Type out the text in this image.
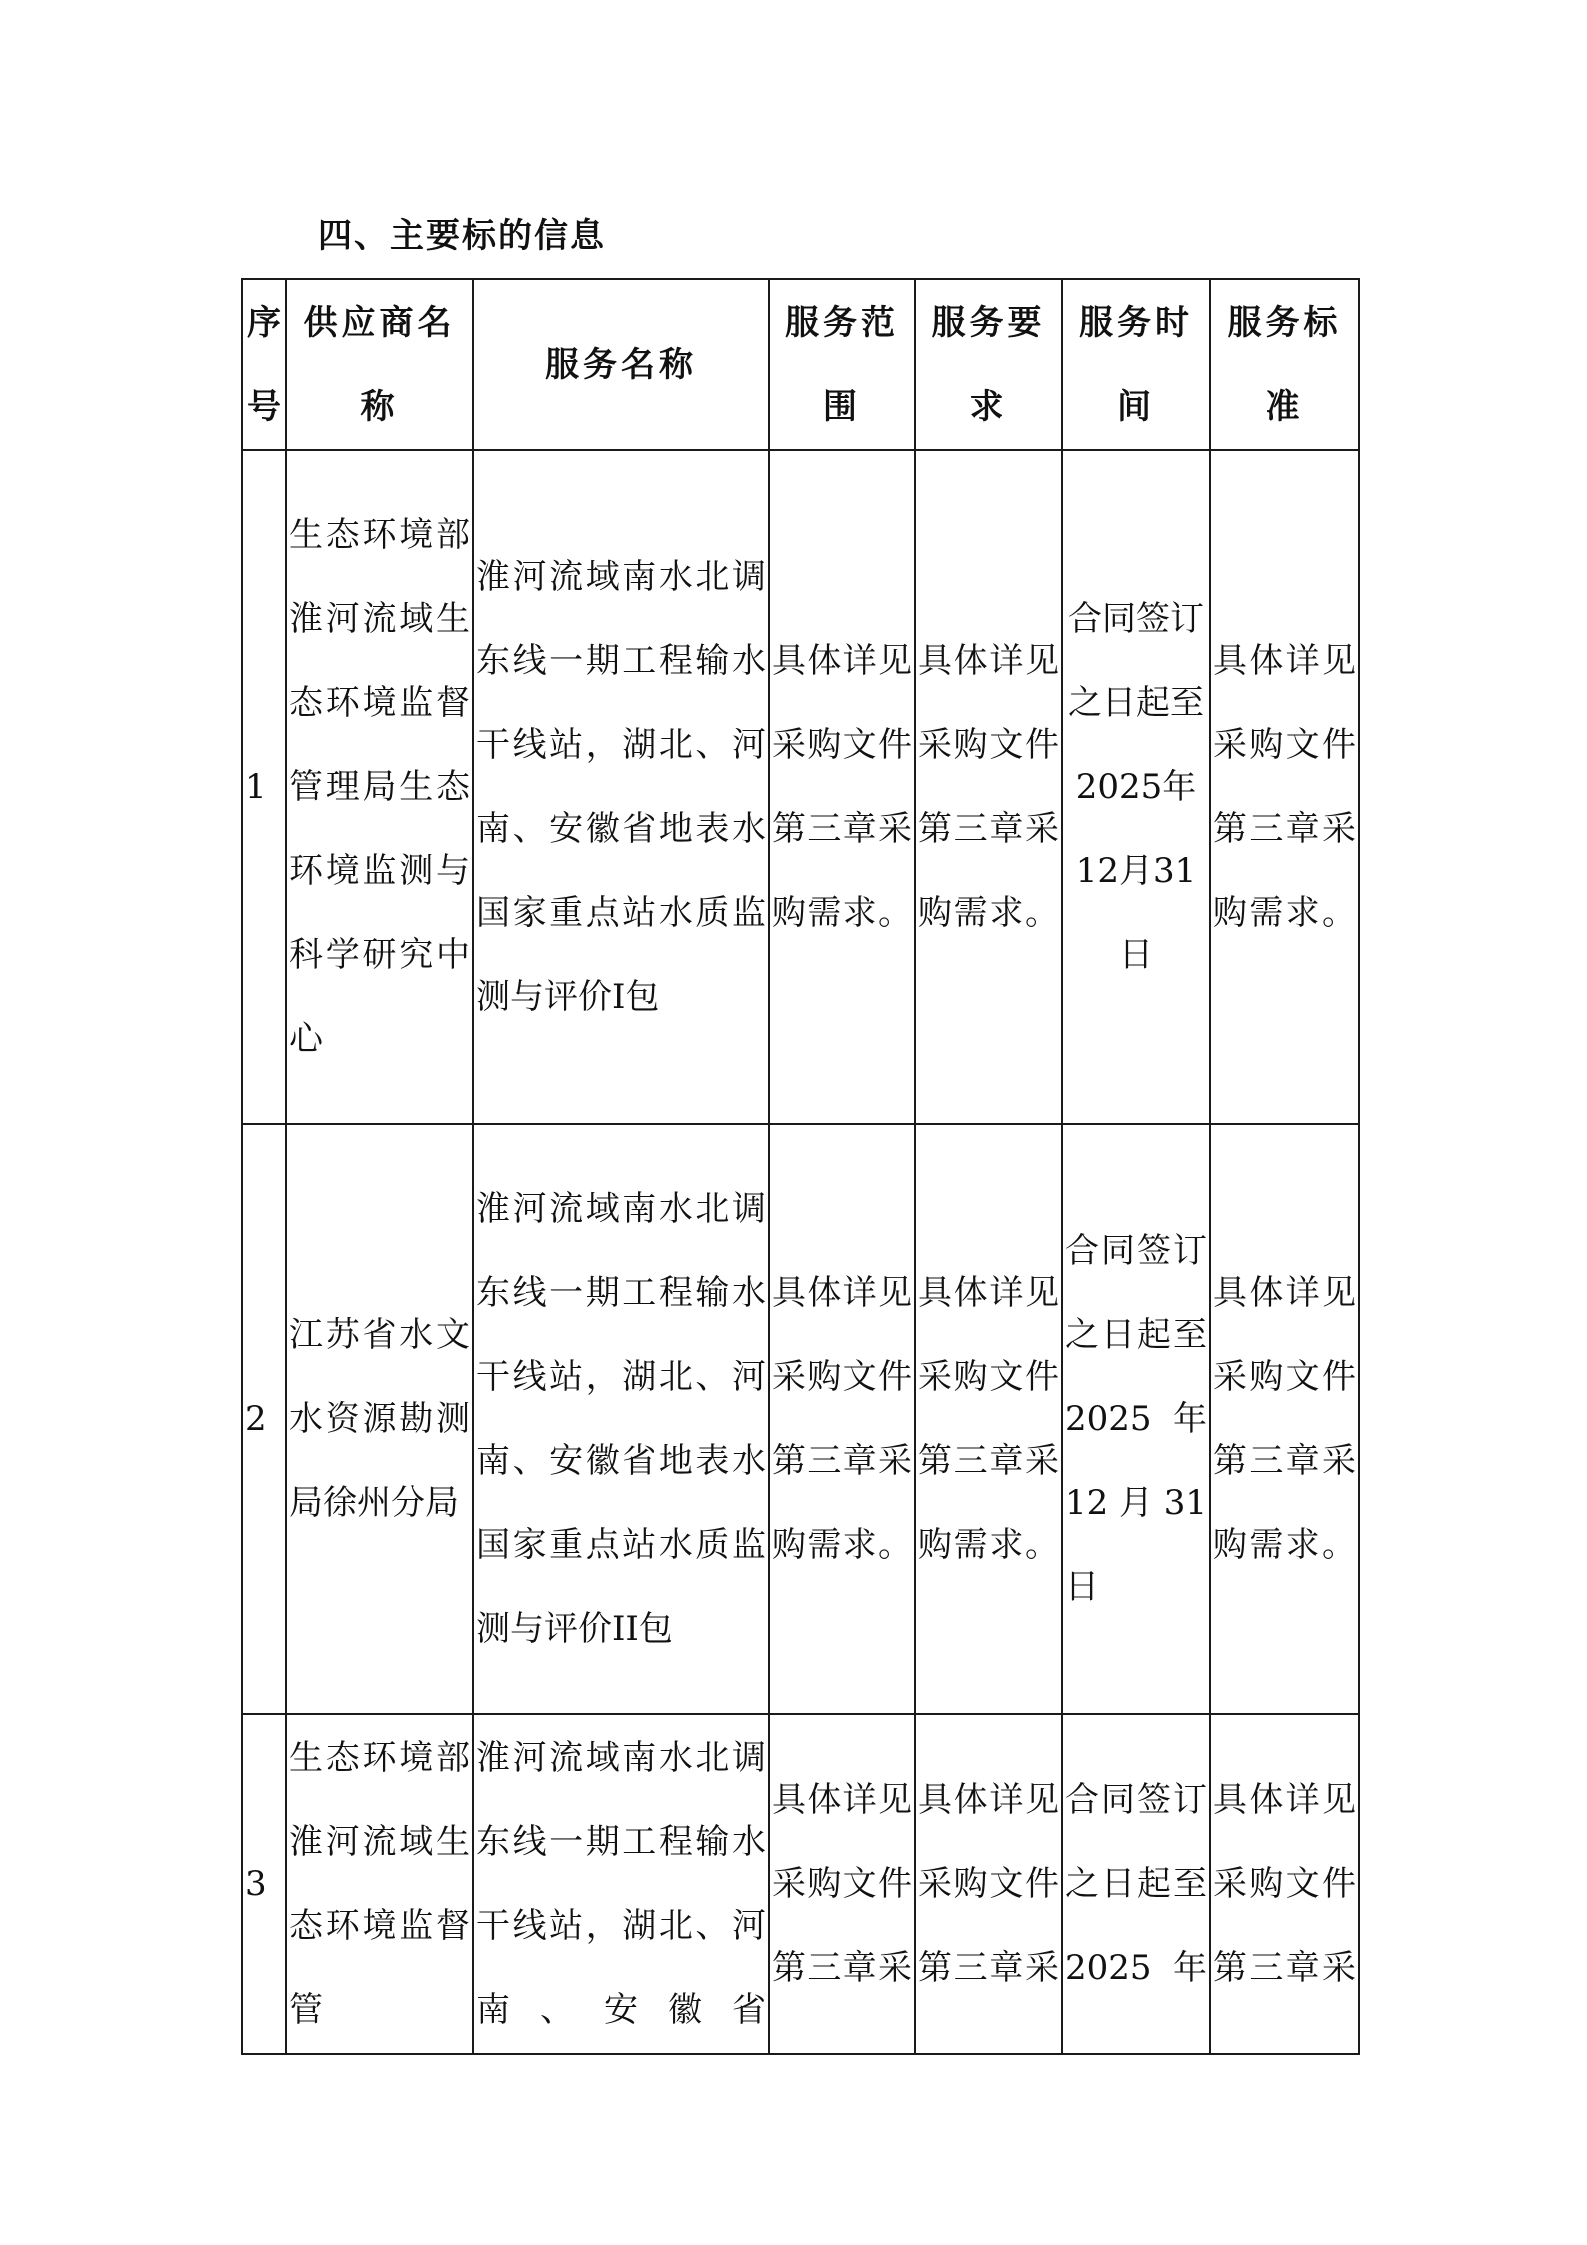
四、主要标的信息
序号	供应商名称	服务名称	服务范围	服务要求	服务时间	服务标准

1	生态环境部淮河流域生态环境监督管理局生态环境监测与科学研究中心	淮河流域南水北调东线一期工程输水干线站，湖北、河南、安徽省地表水国家重点站水质监测与评价Ⅰ包	具体详见采购文件第三章采购需求。	具体详见采购文件第三章采购需求。	合同签订之日起至2025年12月31日	具体详见采购文件第三章采购需求。

2	江苏省水文水资源勘测局徐州分局	淮河流域南水北调东线一期工程输水干线站，湖北、河南、安徽省地表水国家重点站水质监测与评价ⅠⅠ包	具体详见采购文件第三章采购需求。	具体详见采购文件第三章采购需求。	合同签订之日起至2025年12月31日	具体详见采购文件第三章采购需求。

3	生态环境部淮河流域生态环境监督管	淮河流域南水北调东线一期工程输水干线站，湖北、河南、安徽省	具体详见采购文件第三章采	具体详见采购文件第三章采	合同签订之日起至2025年	具体详见采购文件第三章采
